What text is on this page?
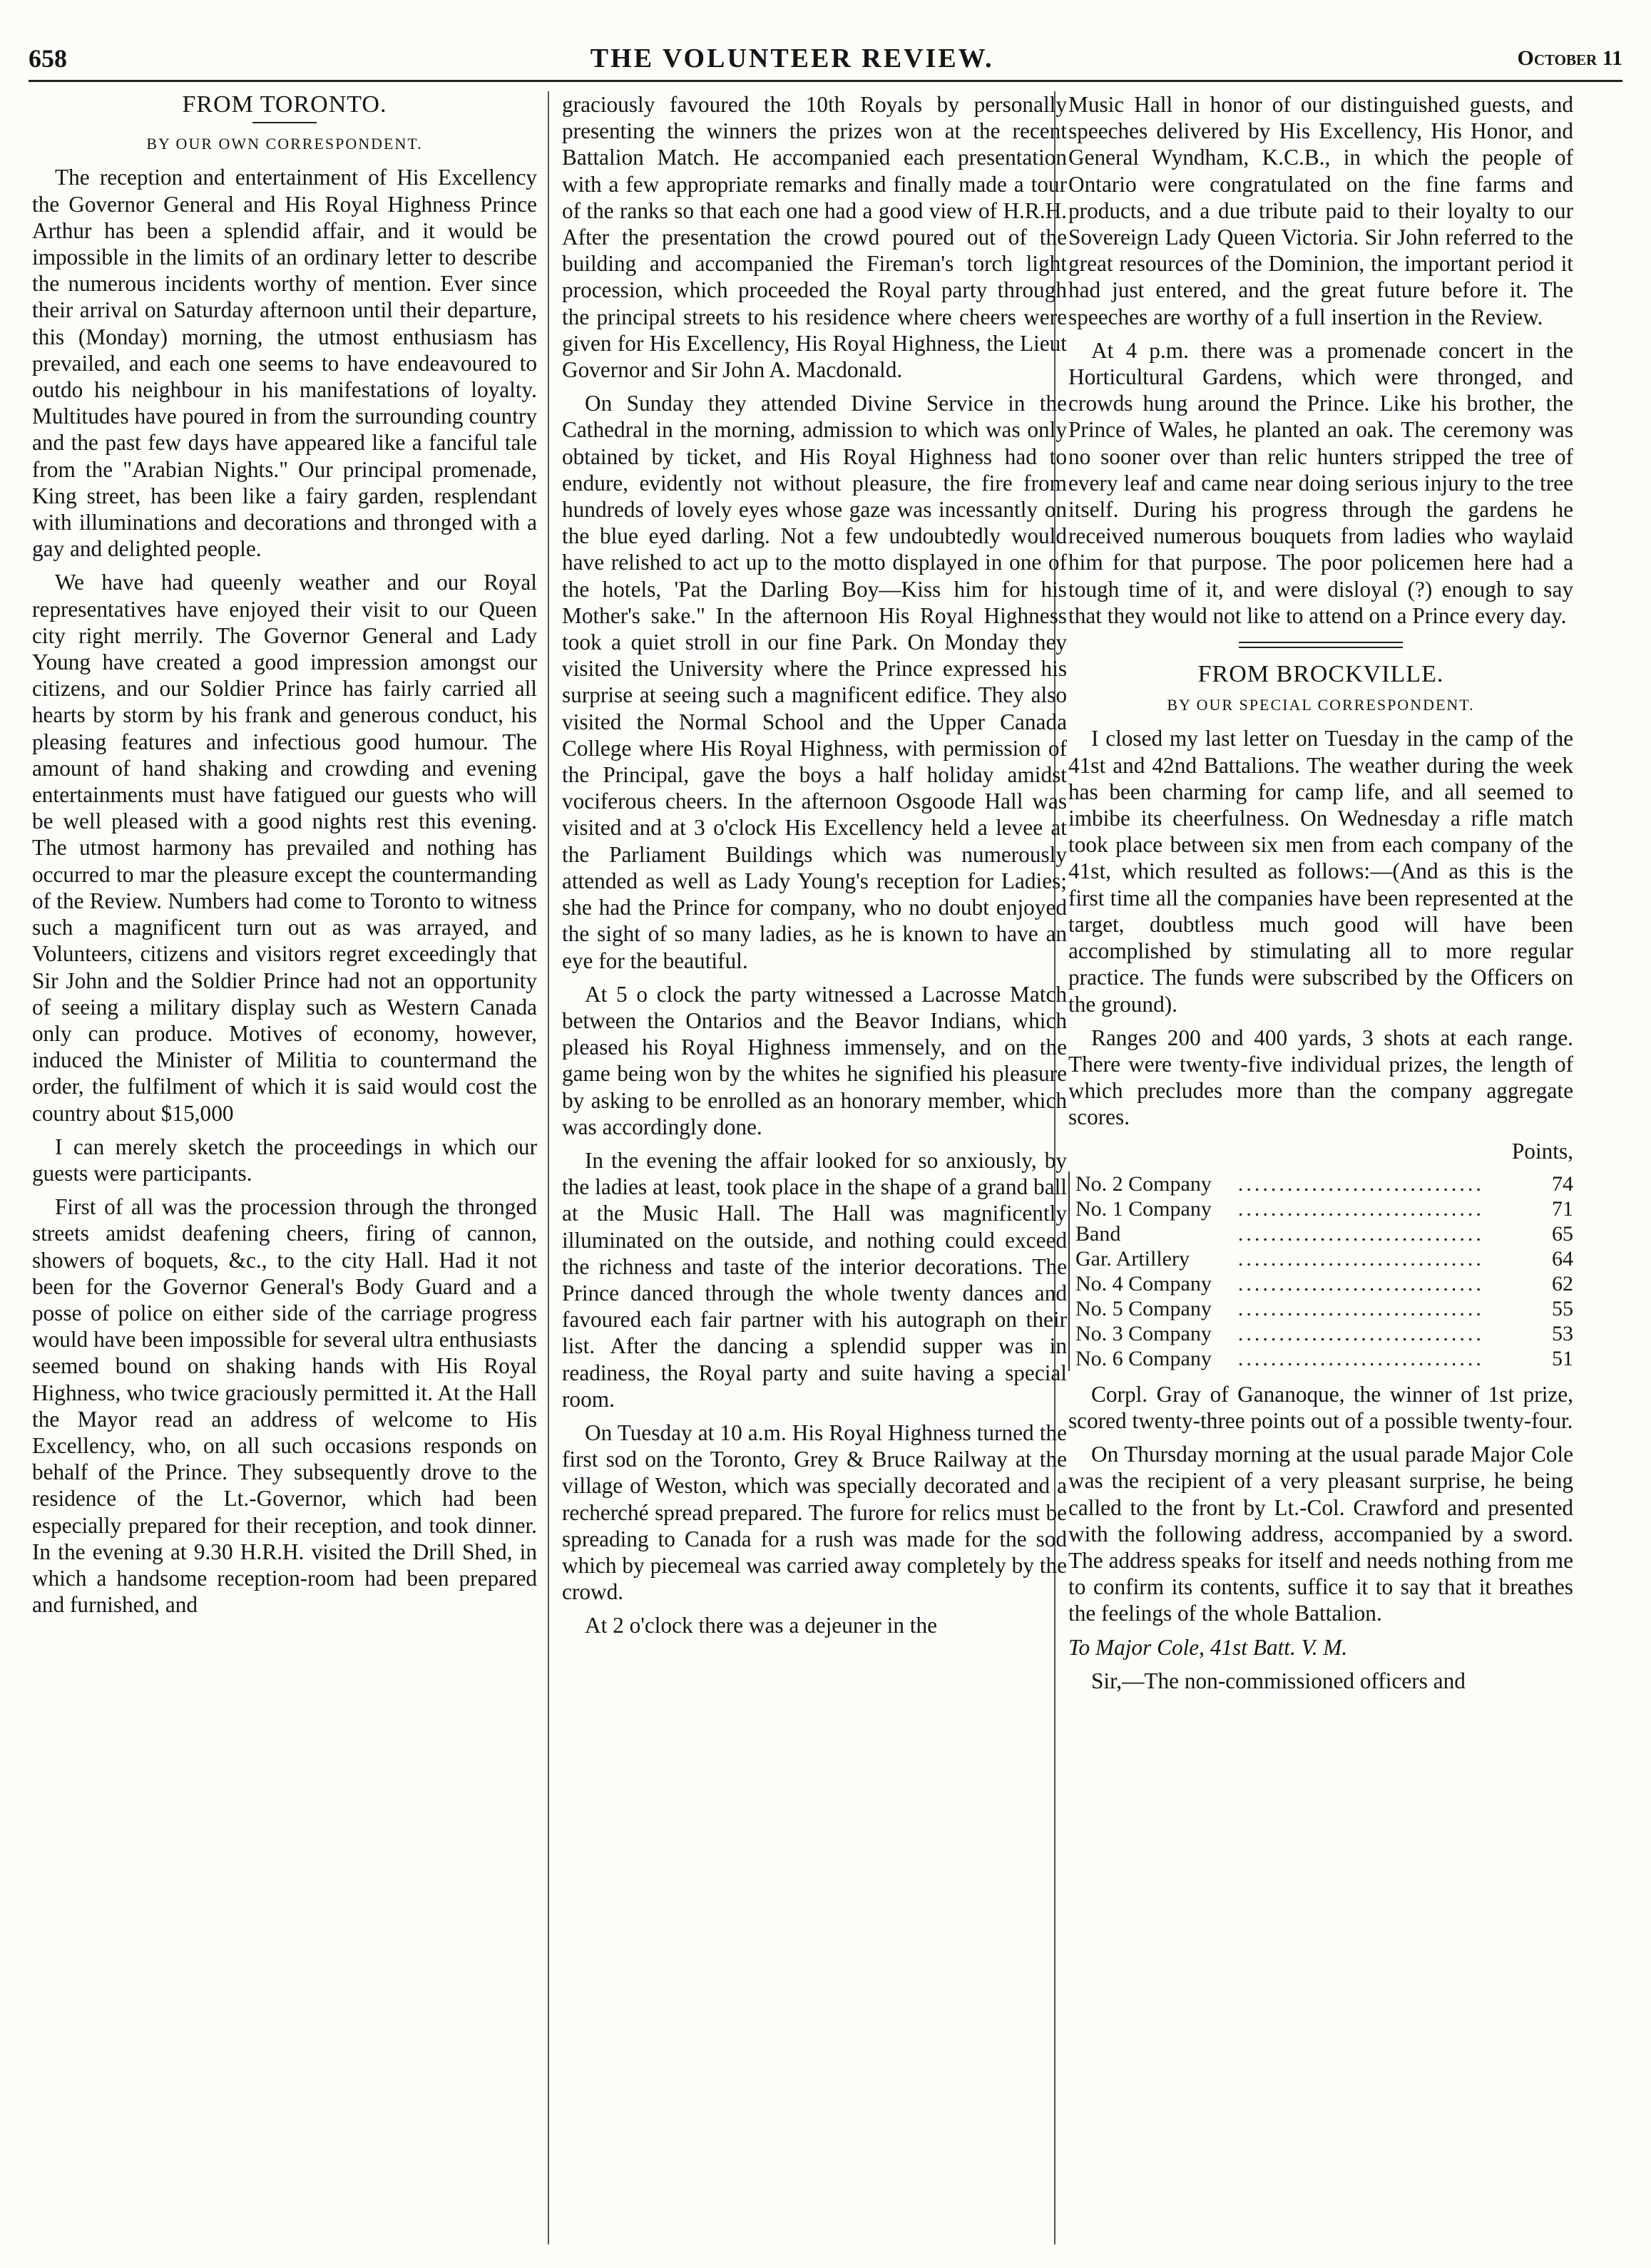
658	THE VOLUNTEER REVIEW.	October 11
FROM TORONTO.
BY OUR OWN CORRESPONDENT.

The reception and entertainment of His Excellency the Governor General and His Royal Highness Prince Arthur has been a splendid affair, and it would be impossible in the limits of an ordinary letter to describe the numerous incidents worthy of mention. Ever since their arrival on Saturday afternoon until their departure, this (Monday) morning, the utmost enthusiasm has prevailed, and each one seems to have endeavoured to outdo his neighbour in his manifestations of loyalty. Multitudes have poured in from the surrounding country and the past few days have appeared like a fanciful tale from the "Arabian Nights." Our principal promenade, King street, has been like a fairy garden, resplendant with illuminations and decorations and thronged with a gay and delighted people.

We have had queenly weather and our Royal representatives have enjoyed their visit to our Queen city right merrily. The Governor General and Lady Young have created a good impression amongst our citizens, and our Soldier Prince has fairly carried all hearts by storm by his frank and generous conduct, his pleasing features and infectious good humour. The amount of hand shaking and crowding and evening entertainments must have fatigued our guests who will be well pleased with a good nights rest this evening. The utmost harmony has prevailed and nothing has occurred to mar the pleasure except the countermanding of the Review. Numbers had come to Toronto to witness such a magnificent turn out as was arrayed, and Volunteers, citizens and visitors regret exceedingly that Sir John and the Soldier Prince had not an opportunity of seeing a military display such as Western Canada only can produce. Motives of economy, however, induced the Minister of Militia to countermand the order, the fulfilment of which it is said would cost the country about $15,000

I can merely sketch the proceedings in which our guests were participants.

First of all was the procession through the thronged streets amidst deafening cheers, firing of cannon, showers of boquets, &c., to the city Hall. Had it not been for the Governor General's Body Guard and a posse of police on either side of the carriage progress would have been impossible for several ultra enthusiasts seemed bound on shaking hands with His Royal Highness, who twice graciously permitted it. At the Hall the Mayor read an address of welcome to His Excellency, who, on all such occasions responds on behalf of the Prince. They subsequently drove to the residence of the Lt.-Governor, which had been especially prepared for their reception, and took dinner. In the evening at 9.30 H.R.H. visited the Drill Shed, in which a handsome reception-room had been prepared and furnished, and

graciously favoured the 10th Royals by personally presenting the winners the prizes won at the recent Battalion Match. He accompanied each presentation with a few appropriate remarks and finally made a tour of the ranks so that each one had a good view of H.R.H. After the presentation the crowd poured out of the building and accompanied the Fireman's torch light procession, which proceeded the Royal party through the principal streets to his residence where cheers were given for His Excellency, His Royal Highness, the Lieut Governor and Sir John A. Macdonald.

On Sunday they attended Divine Service in the Cathedral in the morning, admission to which was only obtained by ticket, and His Royal Highness had to endure, evidently not without pleasure, the fire from hundreds of lovely eyes whose gaze was incessantly on the blue eyed darling. Not a few undoubtedly would have relished to act up to the motto displayed in one of the hotels, 'Pat the Darling Boy—Kiss him for his Mother's sake." In the afternoon His Royal Highness took a quiet stroll in our fine Park. On Monday they visited the University where the Prince expressed his surprise at seeing such a magnificent edifice. They also visited the Normal School and the Upper Canada College where His Royal Highness, with permission of the Principal, gave the boys a half holiday amidst vociferous cheers. In the afternoon Osgoode Hall was visited and at 3 o'clock His Excellency held a levee at the Parliament Buildings which was numerously attended as well as Lady Young's reception for Ladies; she had the Prince for company, who no doubt enjoyed the sight of so many ladies, as he is known to have an eye for the beautiful.

At 5 o clock the party witnessed a Lacrosse Match between the Ontarios and the Beavor Indians, which pleased his Royal Highness immensely, and on the game being won by the whites he signified his pleasure by asking to be enrolled as an honorary member, which was accordingly done.

In the evening the affair looked for so anxiously, by the ladies at least, took place in the shape of a grand ball at the Music Hall. The Hall was magnificently illuminated on the outside, and nothing could exceed the richness and taste of the interior decorations. The Prince danced through the whole twenty dances and favoured each fair partner with his autograph on their list. After the dancing a splendid supper was in readiness, the Royal party and suite having a special room.

On Tuesday at 10 a.m. His Royal Highness turned the first sod on the Toronto, Grey & Bruce Railway at the village of Weston, which was specially decorated and a recherché spread prepared. The furore for relics must be spreading to Canada for a rush was made for the sod which by piecemeal was carried away completely by the crowd.

At 2 o'clock there was a dejeuner in the

Music Hall in honor of our distinguished guests, and speeches delivered by His Excellency, His Honor, and General Wyndham, K.C.B., in which the people of Ontario were congratulated on the fine farms and products, and a due tribute paid to their loyalty to our Sovereign Lady Queen Victoria. Sir John referred to the great resources of the Dominion, the important period it had just entered, and the great future before it. The speeches are worthy of a full insertion in the Review.

At 4 p.m. there was a promenade concert in the Horticultural Gardens, which were thronged, and crowds hung around the Prince. Like his brother, the Prince of Wales, he planted an oak. The ceremony was no sooner over than relic hunters stripped the tree of every leaf and came near doing serious injury to the tree itself. During his progress through the gardens he received numerous bouquets from ladies who waylaid him for that purpose. The poor policemen here had a tough time of it, and were disloyal (?) enough to say that they would not like to attend on a Prince every day.

FROM BROCKVILLE.
BY OUR SPECIAL CORRESPONDENT.

I closed my last letter on Tuesday in the camp of the 41st and 42nd Battalions. The weather during the week has been charming for camp life, and all seemed to imbibe its cheerfulness. On Wednesday a rifle match took place between six men from each company of the 41st, which resulted as follows:—(And as this is the first time all the companies have been represented at the target, doubtless much good will have been accomplished by stimulating all to more regular practice. The funds were subscribed by the Officers on the ground).

Ranges 200 and 400 yards, 3 shots at each range. There were twenty-five individual prizes, the length of which precludes more than the company aggregate scores.

Points,

No. 2 Company	..............................	74
No. 1 Company	..............................	71
Band	..............................	65
Gar. Artillery	..............................	64
No. 4 Company	..............................	62
No. 5 Company	..............................	55
No. 3 Company	..............................	53
No. 6 Company	..............................	51

Corpl. Gray of Gananoque, the winner of 1st prize, scored twenty-three points out of a possible twenty-four.

On Thursday morning at the usual parade Major Cole was the recipient of a very pleasant surprise, he being called to the front by Lt.-Col. Crawford and presented with the following address, accompanied by a sword. The address speaks for itself and needs nothing from me to confirm its contents, suffice it to say that it breathes the feelings of the whole Battalion.

To Major Cole, 41st Batt. V. M.

Sir,—The non-commissioned officers and
